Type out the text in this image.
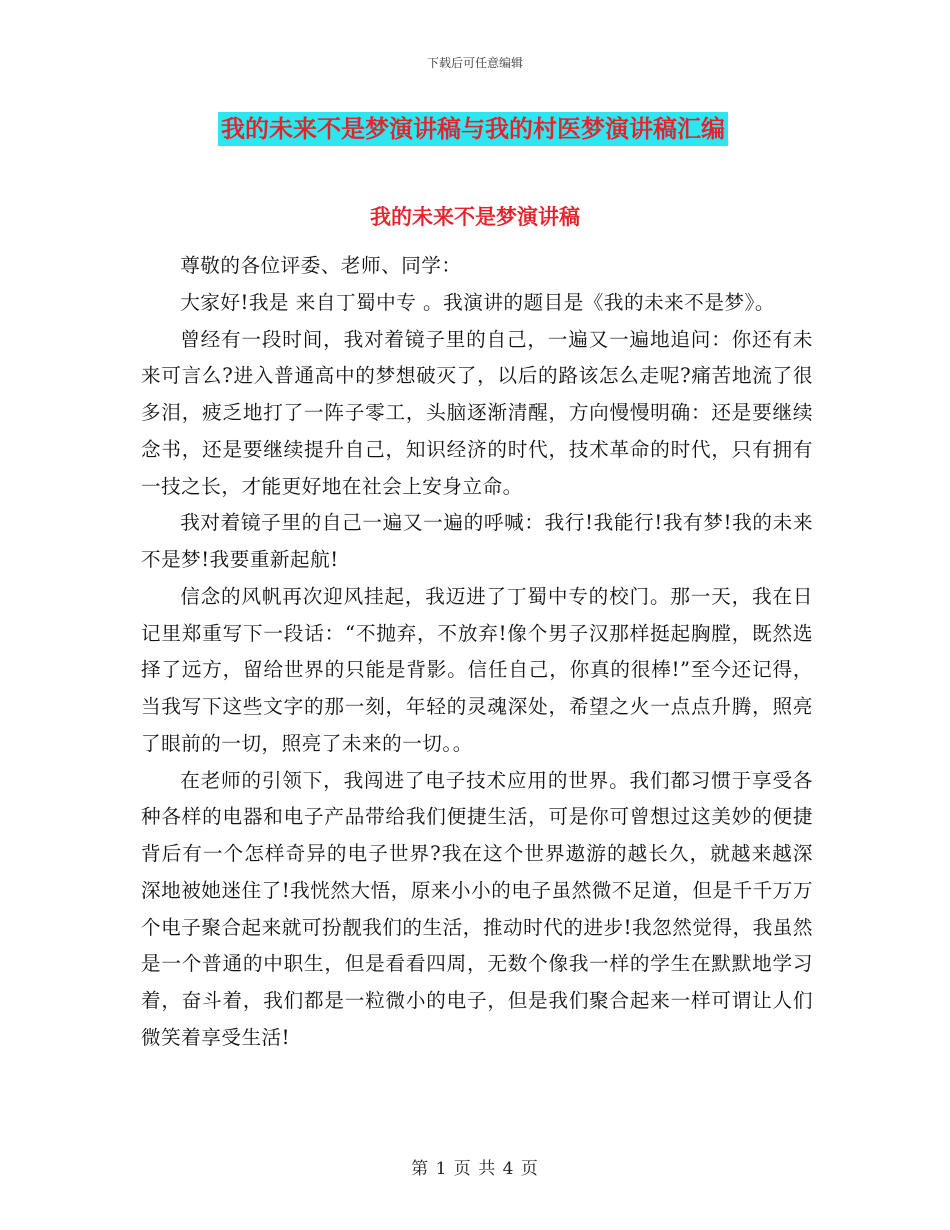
下载后可任意编辑
我的未来不是梦演讲稿与我的村医梦演讲稿汇编
我的未来不是梦演讲稿

尊敬的各位评委、老师、同学：

大家好!我是 来自丁蜀中专 。我演讲的题目是《我的未来不是梦》。

曾经有一段时间，我对着镜子里的自己，一遍又一遍地追问：你还有未来可言么?进入普通高中的梦想破灭了，以后的路该怎么走呢?痛苦地流了很多泪，疲乏地打了一阵子零工，头脑逐渐清醒，方向慢慢明确：还是要继续念书，还是要继续提升自己，知识经济的时代，技术革命的时代，只有拥有一技之长，才能更好地在社会上安身立命。

我对着镜子里的自己一遍又一遍的呼喊：我行!我能行!我有梦!我的未来不是梦!我要重新起航!

信念的风帆再次迎风挂起，我迈进了丁蜀中专的校门。那一天，我在日记里郑重写下一段话：“不抛弃，不放弃!像个男子汉那样挺起胸膛，既然选择了远方，留给世界的只能是背影。信任自己，你真的很棒!”至今还记得，当我写下这些文字的那一刻，年轻的灵魂深处，希望之火一点点升腾，照亮了眼前的一切，照亮了未来的一切。。

在老师的引领下，我闯进了电子技术应用的世界。我们都习惯于享受各种各样的电器和电子产品带给我们便捷生活，可是你可曾想过这美妙的便捷背后有一个怎样奇异的电子世界?我在这个世界遨游的越长久，就越来越深深地被她迷住了!我恍然大悟，原来小小的电子虽然微不足道，但是千千万万个电子聚合起来就可扮靓我们的生活，推动时代的进步!我忽然觉得，我虽然是一个普通的中职生，但是看看四周，无数个像我一样的学生在默默地学习着，奋斗着，我们都是一粒微小的电子，但是我们聚合起来一样可谓让人们微笑着享受生活!

第 1 页 共 4 页
